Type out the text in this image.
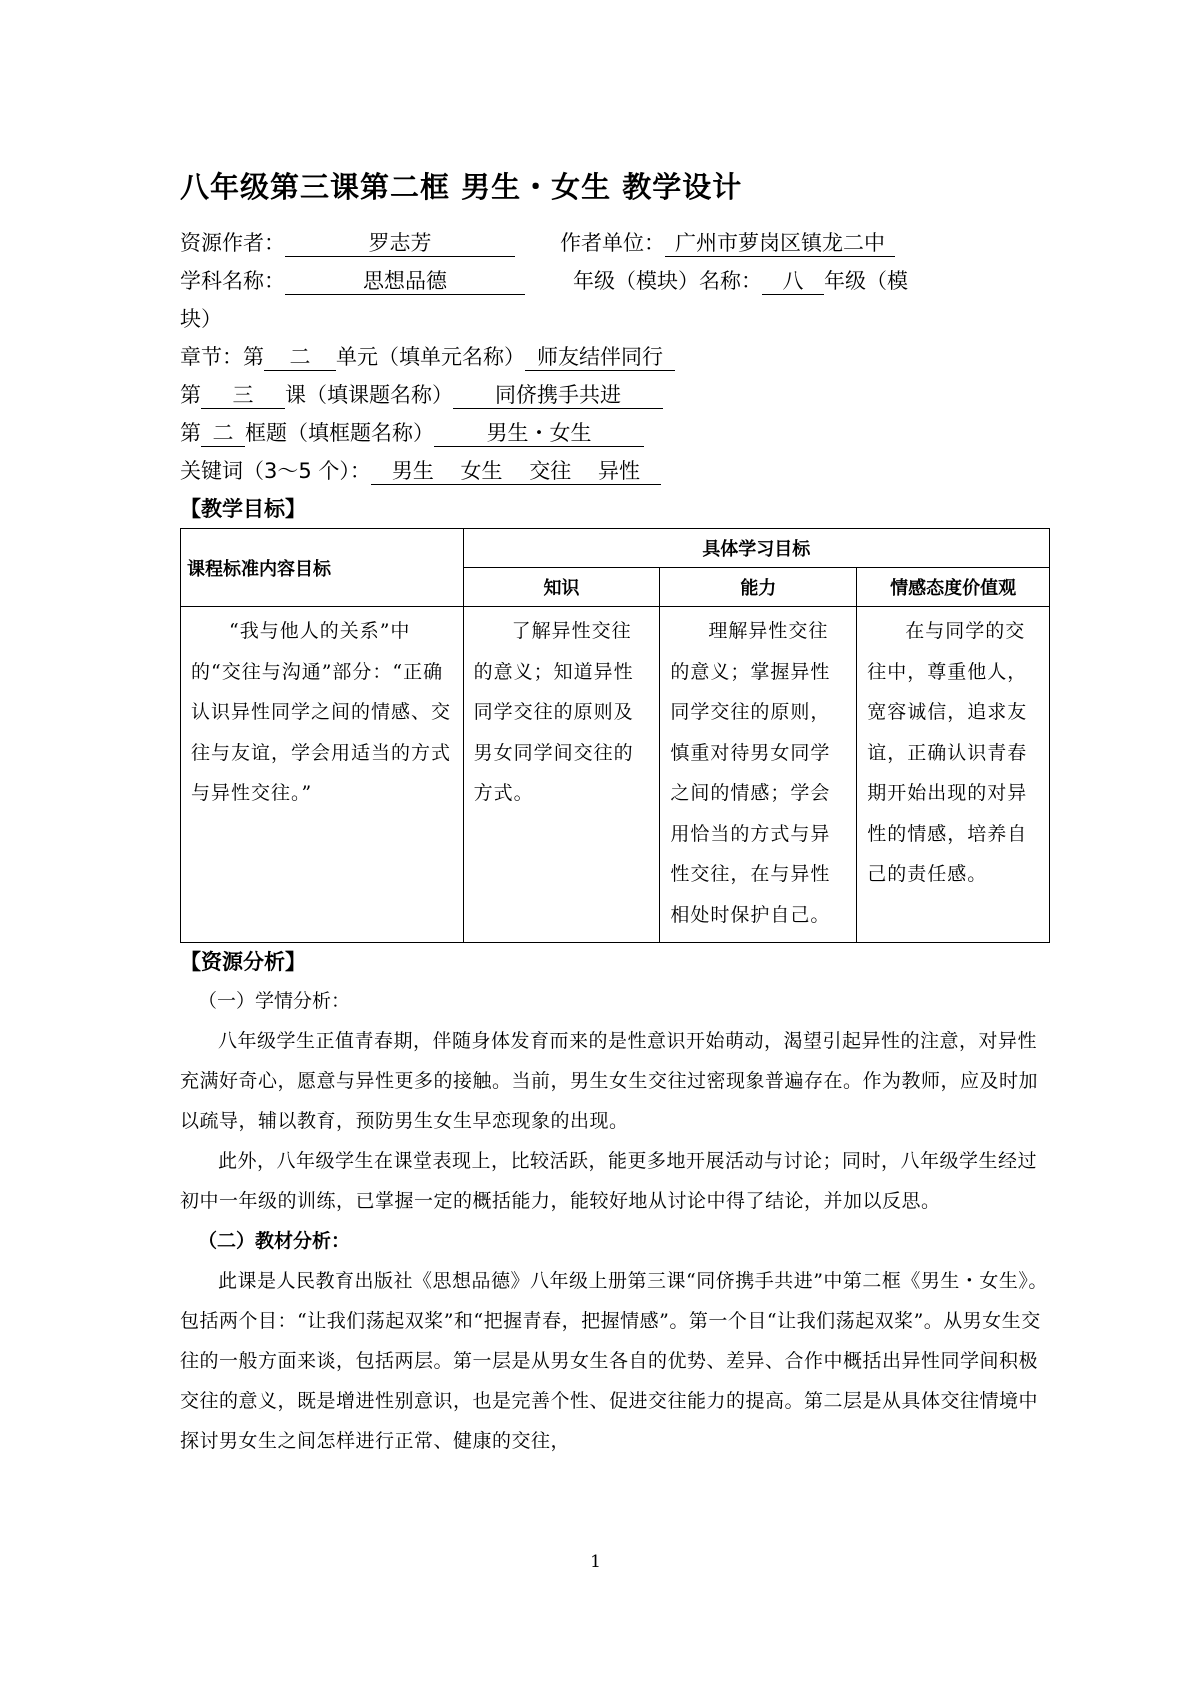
八年级第三课第二框 男生・女生 教学设计
资源作者：	罗志芳	作者单位： 广州市萝岗区镇龙二中
学科名称：	思想品德	年级（模块）名称： 八 年级（模
块）
章节：第 二 单元（填单元名称） 师友结伴同行
第 三 课（填课题名称） 同侪携手共进
第 二 框题（填框题名称）	男生・女生
关键词（3～5 个）： 男生    女生    交往    异性
【教学目标】
课程标准内容目标	具体学习目标		
	知识	能力	情感态度价值观
“我与他人的关系”中的“交往与沟通”部分：“正确认识异性同学之间的情感、交往与友谊，学会用适当的方式与异性交往。”	了解异性交往的意义；知道异性同学交往的原则及男女同学间交往的方式。	理解异性交往的意义；掌握异性同学交往的原则，慎重对待男女同学之间的情感；学会用恰当的方式与异性交往，在与异性相处时保护自己。	在与同学的交往中，尊重他人，宽容诚信，追求友谊，正确认识青春期开始出现的对异性的情感，培养自己的责任感。
【资源分析】

（一）学情分析：

八年级学生正值青春期，伴随身体发育而来的是性意识开始萌动，渴望引起异性的注意，对异性充满好奇心，愿意与异性更多的接触。当前，男生女生交往过密现象普遍存在。作为教师，应及时加以疏导，辅以教育，预防男生女生早恋现象的出现。

此外，八年级学生在课堂表现上，比较活跃，能更多地开展活动与讨论；同时，八年级学生经过初中一年级的训练，已掌握一定的概括能力，能较好地从讨论中得了结论，并加以反思。

（二）教材分析：

此课是人民教育出版社《思想品德》八年级上册第三课“同侪携手共进”中第二框《男生・女生》。包括两个目：“让我们荡起双桨”和“把握青春，把握情感”。第一个目“让我们荡起双桨”。从男女生交往的一般方面来谈，包括两层。第一层是从男女生各自的优势、差异、合作中概括出异性同学间积极交往的意义，既是增进性别意识，也是完善个性、促进交往能力的提高。第二层是从具体交往情境中探讨男女生之间怎样进行正常、健康的交往，

1
